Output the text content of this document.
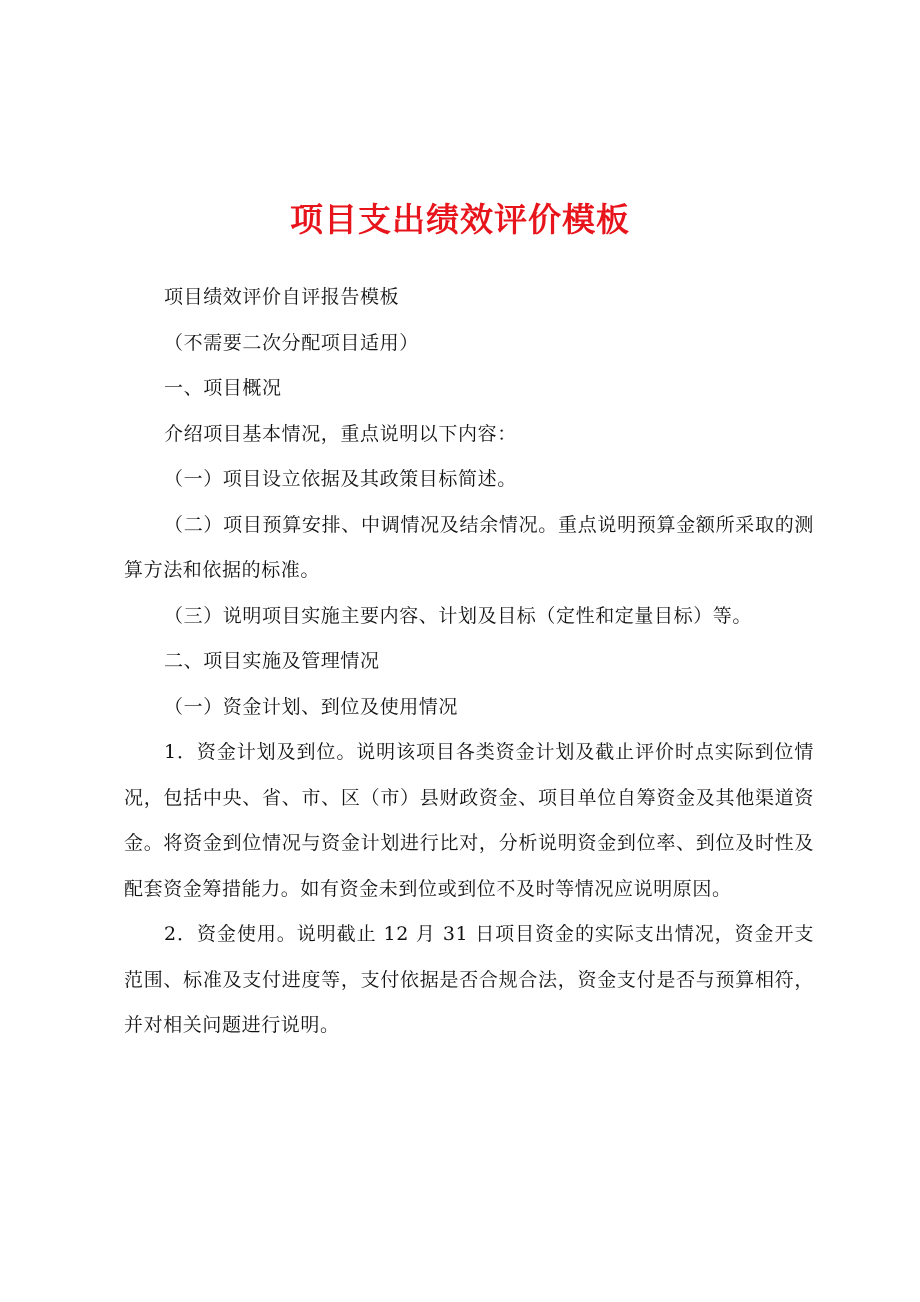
项目支出绩效评价模板

项目绩效评价自评报告模板

（不需要二次分配项目适用）

一、项目概况

介绍项目基本情况，重点说明以下内容：

（一）项目设立依据及其政策目标简述。

（二）项目预算安排、中调情况及结余情况。重点说明预算金额所采取的测算方法和依据的标准。

（三）说明项目实施主要内容、计划及目标（定性和定量目标）等。

二、项目实施及管理情况

（一）资金计划、到位及使用情况

1．资金计划及到位。说明该项目各类资金计划及截止评价时点实际到位情况，包括中央、省、市、区（市）县财政资金、项目单位自筹资金及其他渠道资金。将资金到位情况与资金计划进行比对，分析说明资金到位率、到位及时性及配套资金筹措能力。如有资金未到位或到位不及时等情况应说明原因。

2．资金使用。说明截止 12 月 31 日项目资金的实际支出情况，资金开支范围、标准及支付进度等，支付依据是否合规合法，资金支付是否与预算相符，并对相关问题进行说明。
